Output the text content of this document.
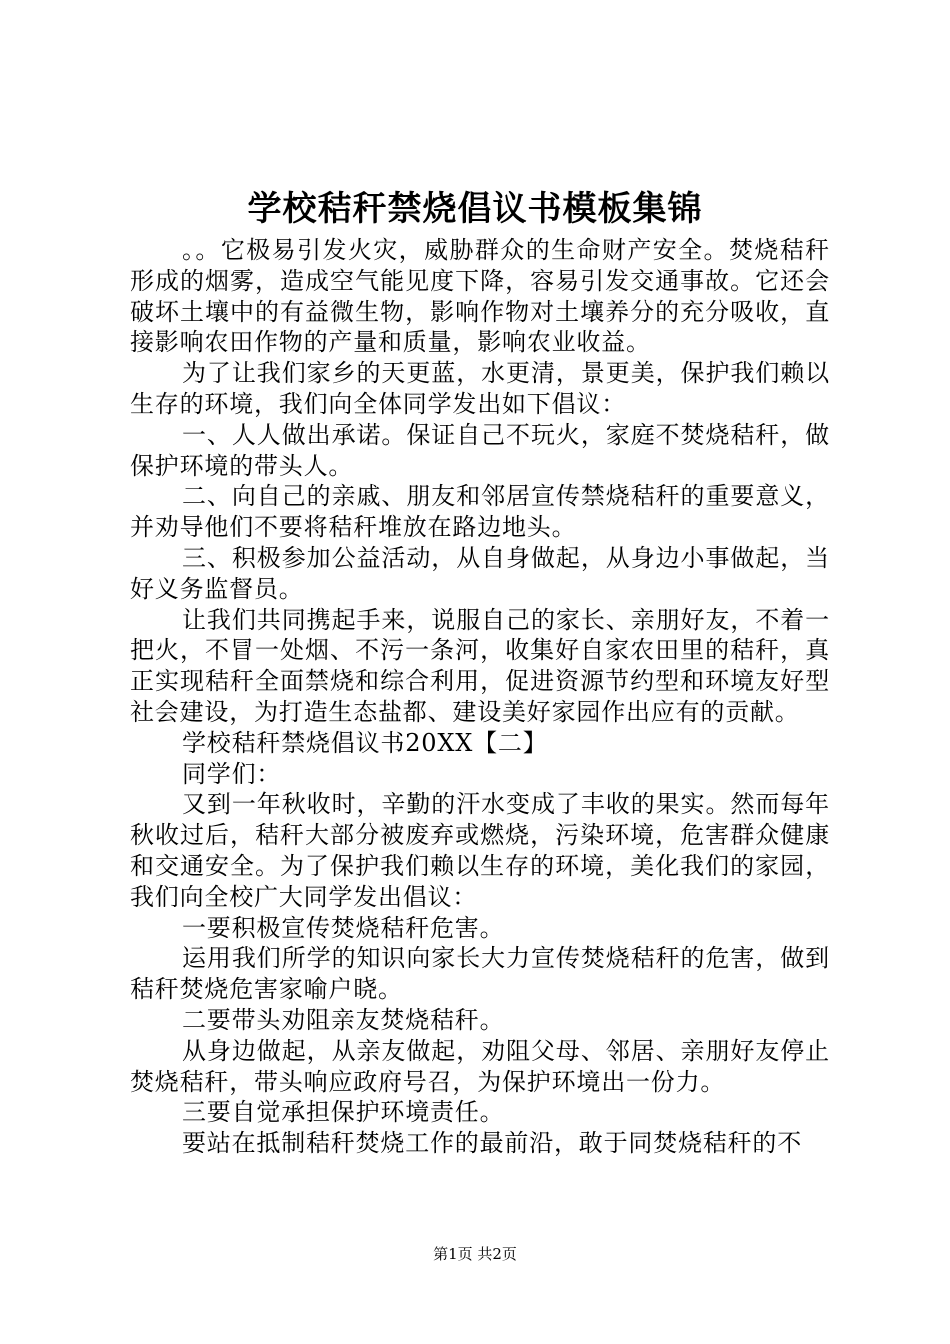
学校秸秆禁烧倡议书模板集锦

。。它极易引发火灾，威胁群众的生命财产安全。焚烧秸秆形成的烟雾，造成空气能见度下降，容易引发交通事故。它还会破坏土壤中的有益微生物，影响作物对土壤养分的充分吸收，直接影响农田作物的产量和质量，影响农业收益。

为了让我们家乡的天更蓝，水更清，景更美，保护我们赖以生存的环境，我们向全体同学发出如下倡议：

一、人人做出承诺。保证自己不玩火，家庭不焚烧秸秆，做保护环境的带头人。

二、向自己的亲戚、朋友和邻居宣传禁烧秸秆的重要意义，并劝导他们不要将秸秆堆放在路边地头。

三、积极参加公益活动，从自身做起，从身边小事做起，当好义务监督员。

让我们共同携起手来，说服自己的家长、亲朋好友，不着一把火，不冒一处烟、不污一条河，收集好自家农田里的秸秆，真正实现秸秆全面禁烧和综合利用，促进资源节约型和环境友好型社会建设，为打造生态盐都、建设美好家园作出应有的贡献。

学校秸秆禁烧倡议书20XX【二】

同学们：

又到一年秋收时，辛勤的汗水变成了丰收的果实。然而每年秋收过后，秸秆大部分被废弃或燃烧，污染环境，危害群众健康和交通安全。为了保护我们赖以生存的环境，美化我们的家园，我们向全校广大同学发出倡议：

一要积极宣传焚烧秸秆危害。

运用我们所学的知识向家长大力宣传焚烧秸秆的危害，做到秸秆焚烧危害家喻户晓。

二要带头劝阻亲友焚烧秸秆。

从身边做起，从亲友做起，劝阻父母、邻居、亲朋好友停止焚烧秸秆，带头响应政府号召，为保护环境出一份力。

三要自觉承担保护环境责任。

要站在抵制秸秆焚烧工作的最前沿，敢于同焚烧秸秆的不

第1页 共2页
